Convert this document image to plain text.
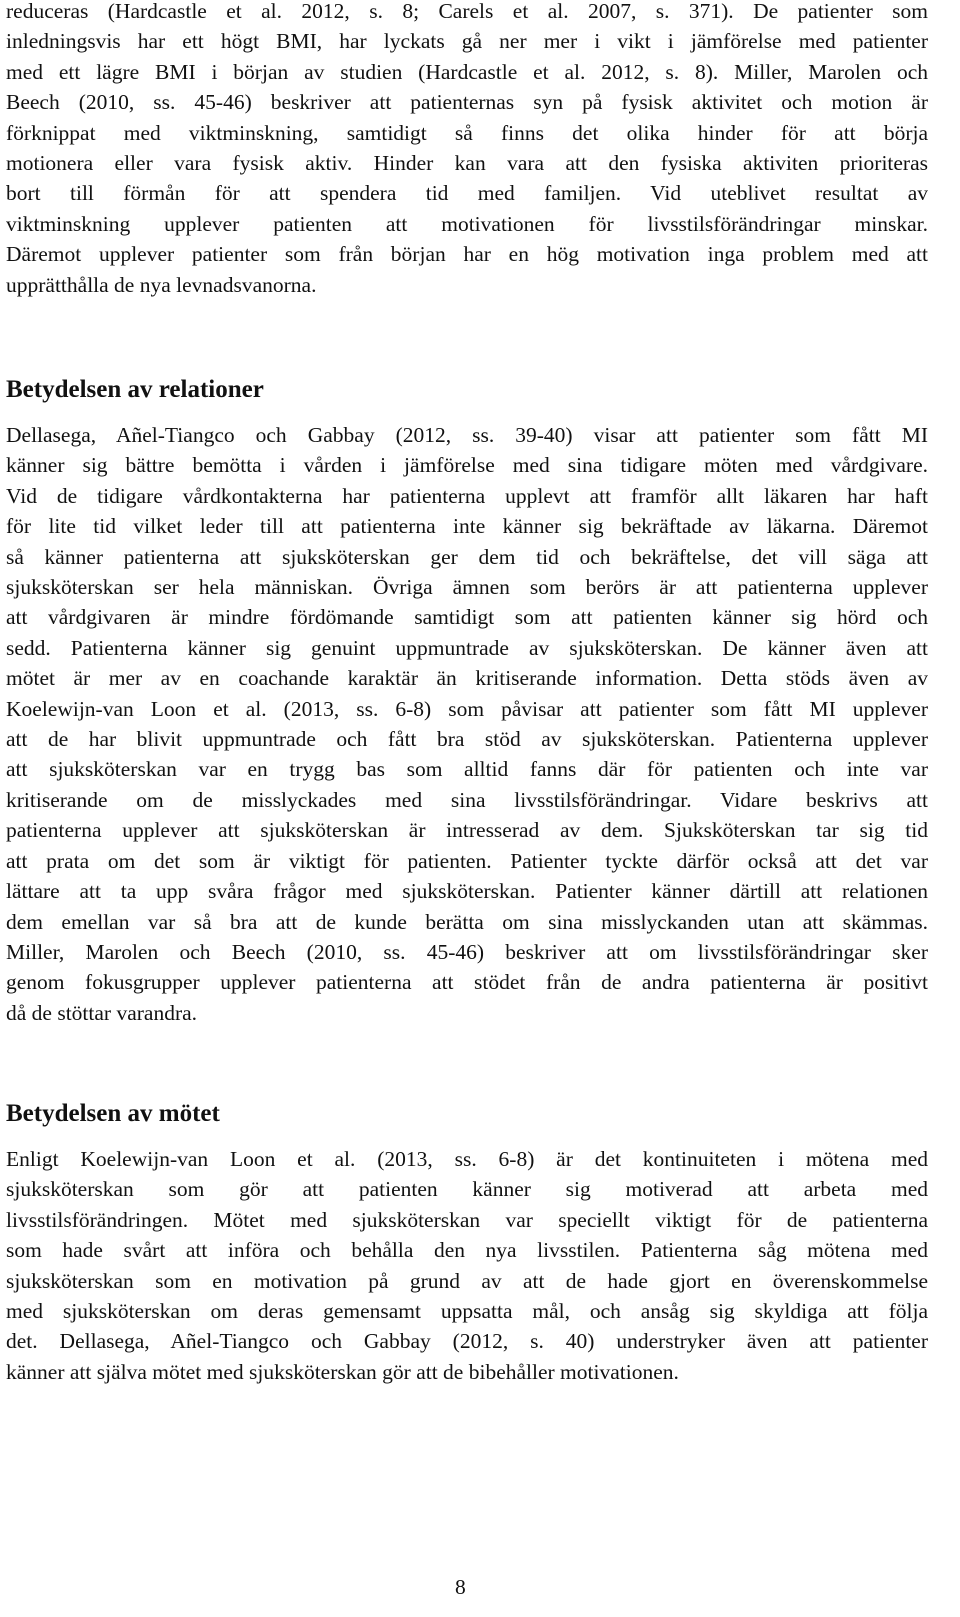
reduceras (Hardcastle et al. 2012, s. 8; Carels et al. 2007, s. 371). De patienter som
inledningsvis har ett högt BMI, har lyckats gå ner mer i vikt i jämförelse med patienter
med ett lägre BMI i början av studien (Hardcastle et al. 2012, s. 8). Miller, Marolen och
Beech (2010, ss. 45-46) beskriver att patienternas syn på fysisk aktivitet och motion är
förknippat med viktminskning, samtidigt så finns det olika hinder för att börja
motionera eller vara fysisk aktiv. Hinder kan vara att den fysiska aktiviten prioriteras
bort till förmån för att spendera tid med familjen. Vid uteblivet resultat av
viktminskning upplever patienten att motivationen för livsstilsförändringar minskar.
Däremot upplever patienter som från början har en hög motivation inga problem med att
upprätthålla de nya levnadsvanorna.
Betydelsen av relationer
Dellasega, Añel-Tiangco och Gabbay (2012, ss. 39-40) visar att patienter som fått MI
känner sig bättre bemötta i vården i jämförelse med sina tidigare möten med vårdgivare.
Vid de tidigare vårdkontakterna har patienterna upplevt att framför allt läkaren har haft
för lite tid vilket leder till att patienterna inte känner sig bekräftade av läkarna. Däremot
så känner patienterna att sjuksköterskan ger dem tid och bekräftelse, det vill säga att
sjuksköterskan ser hela människan. Övriga ämnen som berörs är att patienterna upplever
att vårdgivaren är mindre fördömande samtidigt som att patienten känner sig hörd och
sedd. Patienterna känner sig genuint uppmuntrade av sjuksköterskan. De känner även att
mötet är mer av en coachande karaktär än kritiserande information. Detta stöds även av
Koelewijn-van Loon et al. (2013, ss. 6-8) som påvisar att patienter som fått MI upplever
att de har blivit uppmuntrade och fått bra stöd av sjuksköterskan. Patienterna upplever
att sjuksköterskan var en trygg bas som alltid fanns där för patienten och inte var
kritiserande om de misslyckades med sina livsstilsförändringar. Vidare beskrivs att
patienterna upplever att sjuksköterskan är intresserad av dem. Sjuksköterskan tar sig tid
att prata om det som är viktigt för patienten. Patienter tyckte därför också att det var
lättare att ta upp svåra frågor med sjuksköterskan. Patienter känner därtill att relationen
dem emellan var så bra att de kunde berätta om sina misslyckanden utan att skämmas.
Miller, Marolen och Beech (2010, ss. 45-46) beskriver att om livsstilsförändringar sker
genom fokusgrupper upplever patienterna att stödet från de andra patienterna är positivt
då de stöttar varandra.
Betydelsen av mötet
Enligt Koelewijn-van Loon et al. (2013, ss. 6-8) är det kontinuiteten i mötena med
sjuksköterskan som gör att patienten känner sig motiverad att arbeta med
livsstilsförändringen. Mötet med sjuksköterskan var speciellt viktigt för de patienterna
som hade svårt att införa och behålla den nya livsstilen. Patienterna såg mötena med
sjuksköterskan som en motivation på grund av att de hade gjort en överenskommelse
med sjuksköterskan om deras gemensamt uppsatta mål, och ansåg sig skyldiga att följa
det. Dellasega, Añel-Tiangco och Gabbay (2012, s. 40) understryker även att patienter
känner att själva mötet med sjuksköterskan gör att de bibehåller motivationen.
8
